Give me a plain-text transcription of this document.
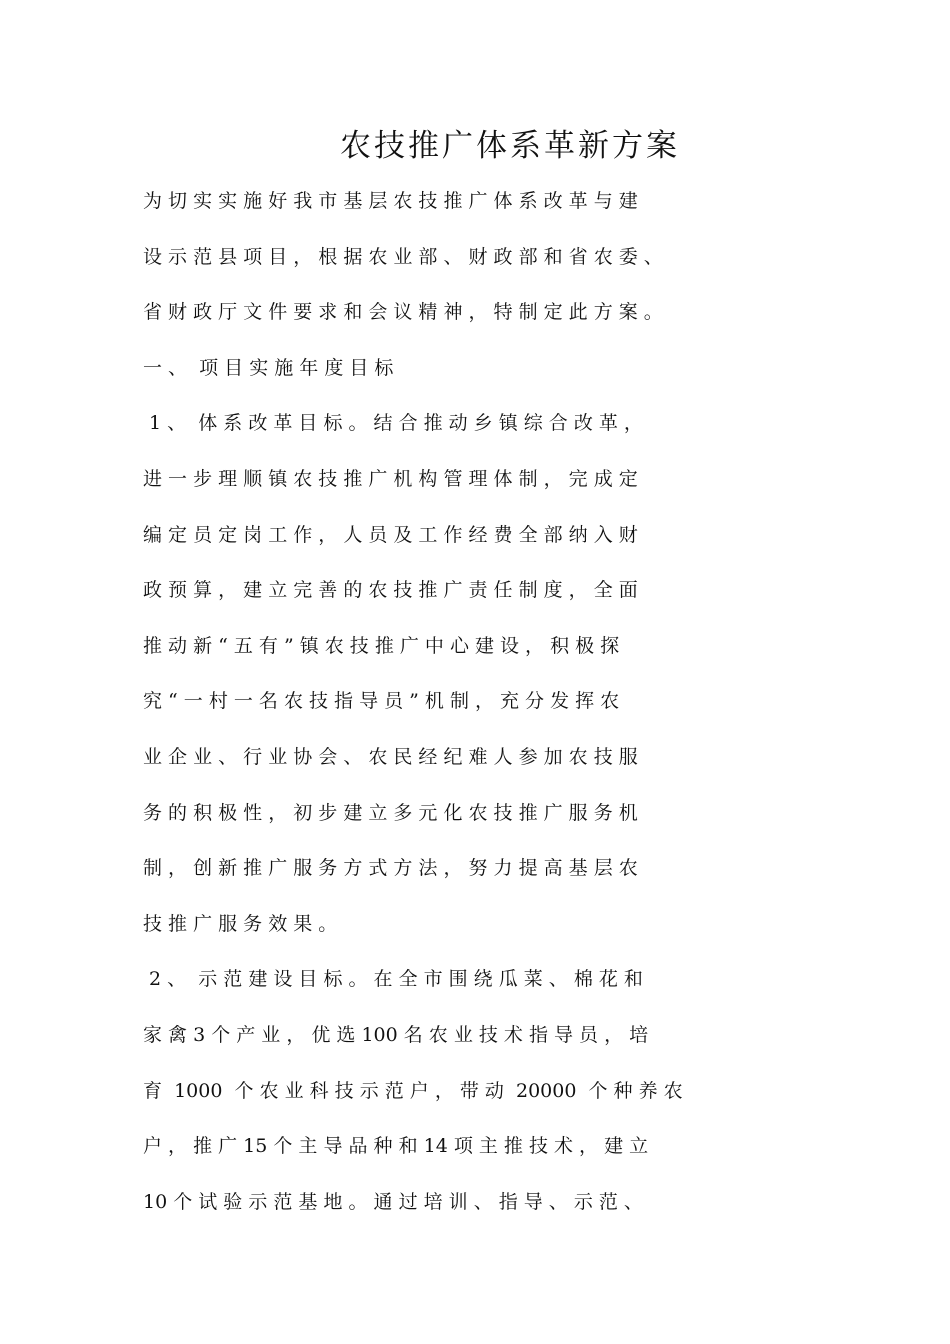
农技推广体系革新方案
为 切 实 实 施 好 我 市 基 层 农 技 推 广 体 系 改 革 与 建
设 示 范 县 项 目 ， 根 据 农 业 部 、 财 政 部 和 省 农 委 、
省 财 政 厅 文 件 要 求 和 会 议 精 神 ， 特 制 定 此 方 案 。
一 、  项 目 实 施 年 度 目 标
1 、  体 系 改 革 目 标 。 结 合 推 动 乡 镇 综 合 改 革 ，
进 一 步 理 顺 镇 农 技 推 广 机 构 管 理 体 制 ， 完 成 定
编 定 员 定 岗 工 作 ， 人 员 及 工 作 经 费 全 部 纳 入 财
政 预 算 ， 建 立 完 善 的 农 技 推 广 责 任 制 度 ， 全 面
推 动 新 “ 五 有 ” 镇 农 技 推 广 中 心 建 设 ， 积 极 探
究 “ 一 村 一 名 农 技 指 导 员 ” 机 制 ， 充 分 发 挥 农
业 企 业 、 行 业 协 会 、 农 民 经 纪 难 人 参 加 农 技 服
务 的 积 极 性 ， 初 步 建 立 多 元 化 农 技 推 广 服 务 机
制 ， 创 新 推 广 服 务 方 式 方 法 ， 努 力 提 高 基 层 农
技 推 广 服 务 效 果 。
2 、  示 范 建 设 目 标 。 在 全 市 围 绕 瓜 菜 、 棉 花 和
家 禽 3 个 产 业 ， 优 选 100 名 农 业 技 术 指 导 员 ， 培
育  1000  个 农 业 科 技 示 范 户 ， 带 动  20000  个 种 养 农
户 ， 推 广 15 个 主 导 品 种 和 14 项 主 推 技 术 ， 建 立
10 个 试 验 示 范 基 地 。 通 过 培 训 、 指 导 、 示 范 、
